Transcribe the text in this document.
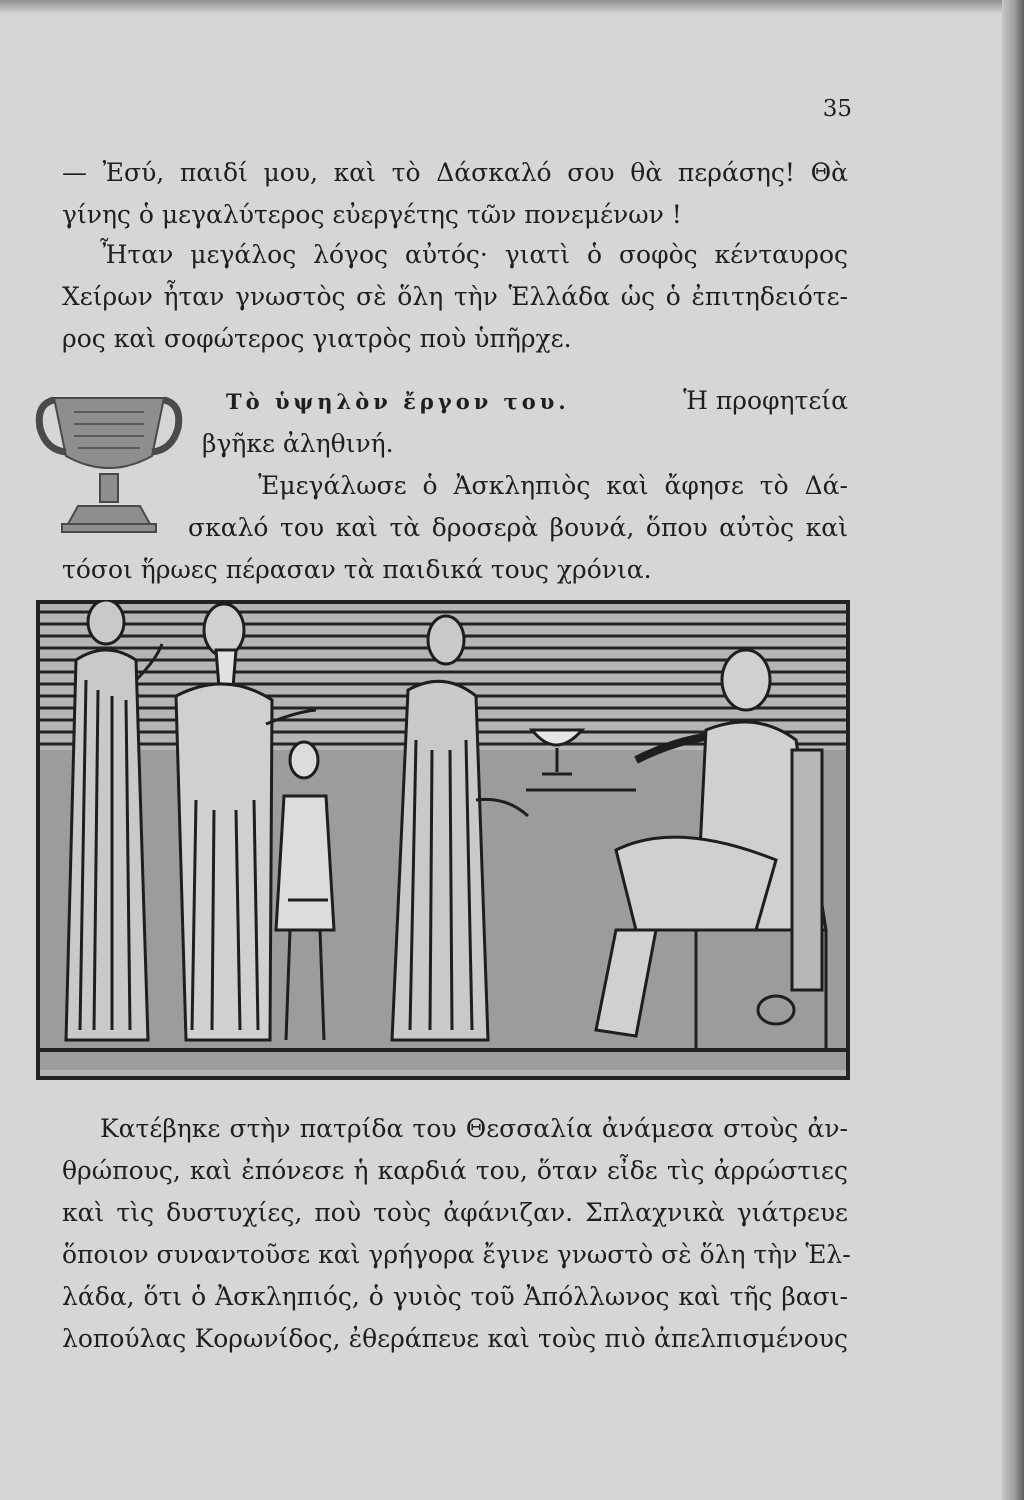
35
— Ἐσύ, παιδί μου, καὶ τὸ Δάσκαλό σου θὰ περάσης! Θὰ
γίνης ὁ μεγαλύτερος εὐεργέτης τῶν πονεμένων !
Ἦταν μεγάλος λόγος αὐτός· γιατὶ ὁ σοφὸς κένταυρος
Χείρων ἦταν γνωστὸς σὲ ὅλη τὴν Ἑλλάδα ὡς ὁ ἐπιτηδειότε-
ρος καὶ σοφώτερος γιατρὸς ποὺ ὑπῆρχε.
Τὸ ὑψηλὸν ἔργον του.	Ἡ προφητεία
βγῆκε ἀληθινή.
Ἐμεγάλωσε ὁ Ἀσκληπιὸς καὶ ἄφησε τὸ Δά-
σκαλό του καὶ τὰ δροσερὰ βουνά, ὅπου αὐτὸς καὶ
τόσοι ἥρωες πέρασαν τὰ παιδικά τους χρόνια.
Κατέβηκε στὴν πατρίδα του Θεσσαλία ἀνάμεσα στοὺς ἀν-
θρώπους, καὶ ἐπόνεσε ἡ καρδιά του, ὅταν εἶδε τὶς ἀρρώστιες
καὶ τὶς δυστυχίες, ποὺ τοὺς ἀφάνιζαν. Σπλαχνικὰ γιάτρευε
ὅποιον συναντοῦσε καὶ γρήγορα ἔγινε γνωστὸ σὲ ὅλη τὴν Ἑλ-
λάδα, ὅτι ὁ Ἀσκληπιός, ὁ γυιὸς τοῦ Ἀπόλλωνος καὶ τῆς βασι-
λοπούλας Κορωνίδος, ἐθεράπευε καὶ τοὺς πιὸ ἀπελπισμένους
